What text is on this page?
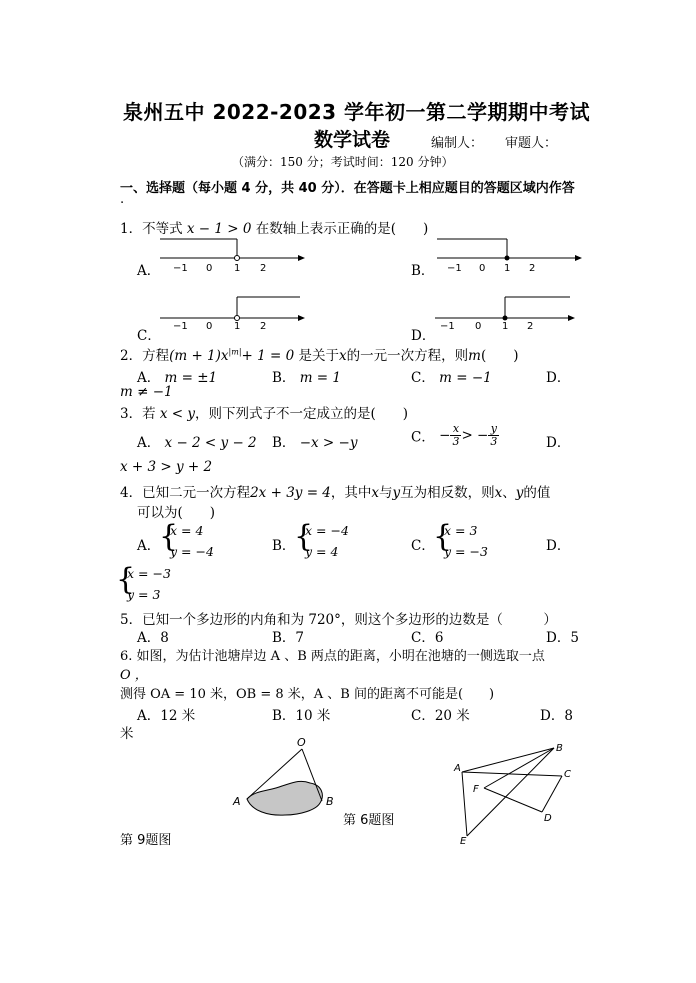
泉州五中 2022-2023 学年初一第二学期期中考试
数学试卷	编制人： 审题人：
（满分：150 分；考试时间：120 分钟）
一、选择题（每小题 4 分，共 40 分）．在答题卡上相应题目的答题区域内作答
.
1．不等式 x − 1 > 0 在数轴上表示正确的是(　　)
A．	B．
C．	D．
−1 0 1 2	−1 0 1 2
−1 0 1 2	−1 0 1 2
2．方程$(m + 1)x^{|m|}+ 1 = 0$ 是关于x的一元一次方程，则m(　　)
A． m = ±1	B． m = 1	C． m = −1	D．
m ≠ −1
3．若 x < y，则下列式子不一定成立的是(　　)
A． x − 2 < y − 2 B． −x > −y	C． − $\frac{x}{3}$ > − $\frac{y}{3}$	D．
x + 3 > y + 2
4．已知二元一次方程2x + 3y = 4，其中x与y互为相反数，则x、y的值
可以为(　　)
A．
{
x = 4
y = −4	B．
{
x = −4
y = 4	C．
{
x = 3
y = −3	D．
{
x = −3
y = 3
5．已知一个多边形的内角和为 720°，则这个多边形的边数是（　　　）
A．8	B．7	C．6	D．5
6. 如图，为估计池塘岸边 A 、B 两点的距离，小明在池塘的一侧选取一点
O ，
测得 OA = 10 米，OB = 8 米，A 、B 间的距离不可能是(　　)
A．12 米	B．10 米	C．20 米	D．8
米
O
A	B
第 6题图
A
B
C
D
E
F
第 9题图
